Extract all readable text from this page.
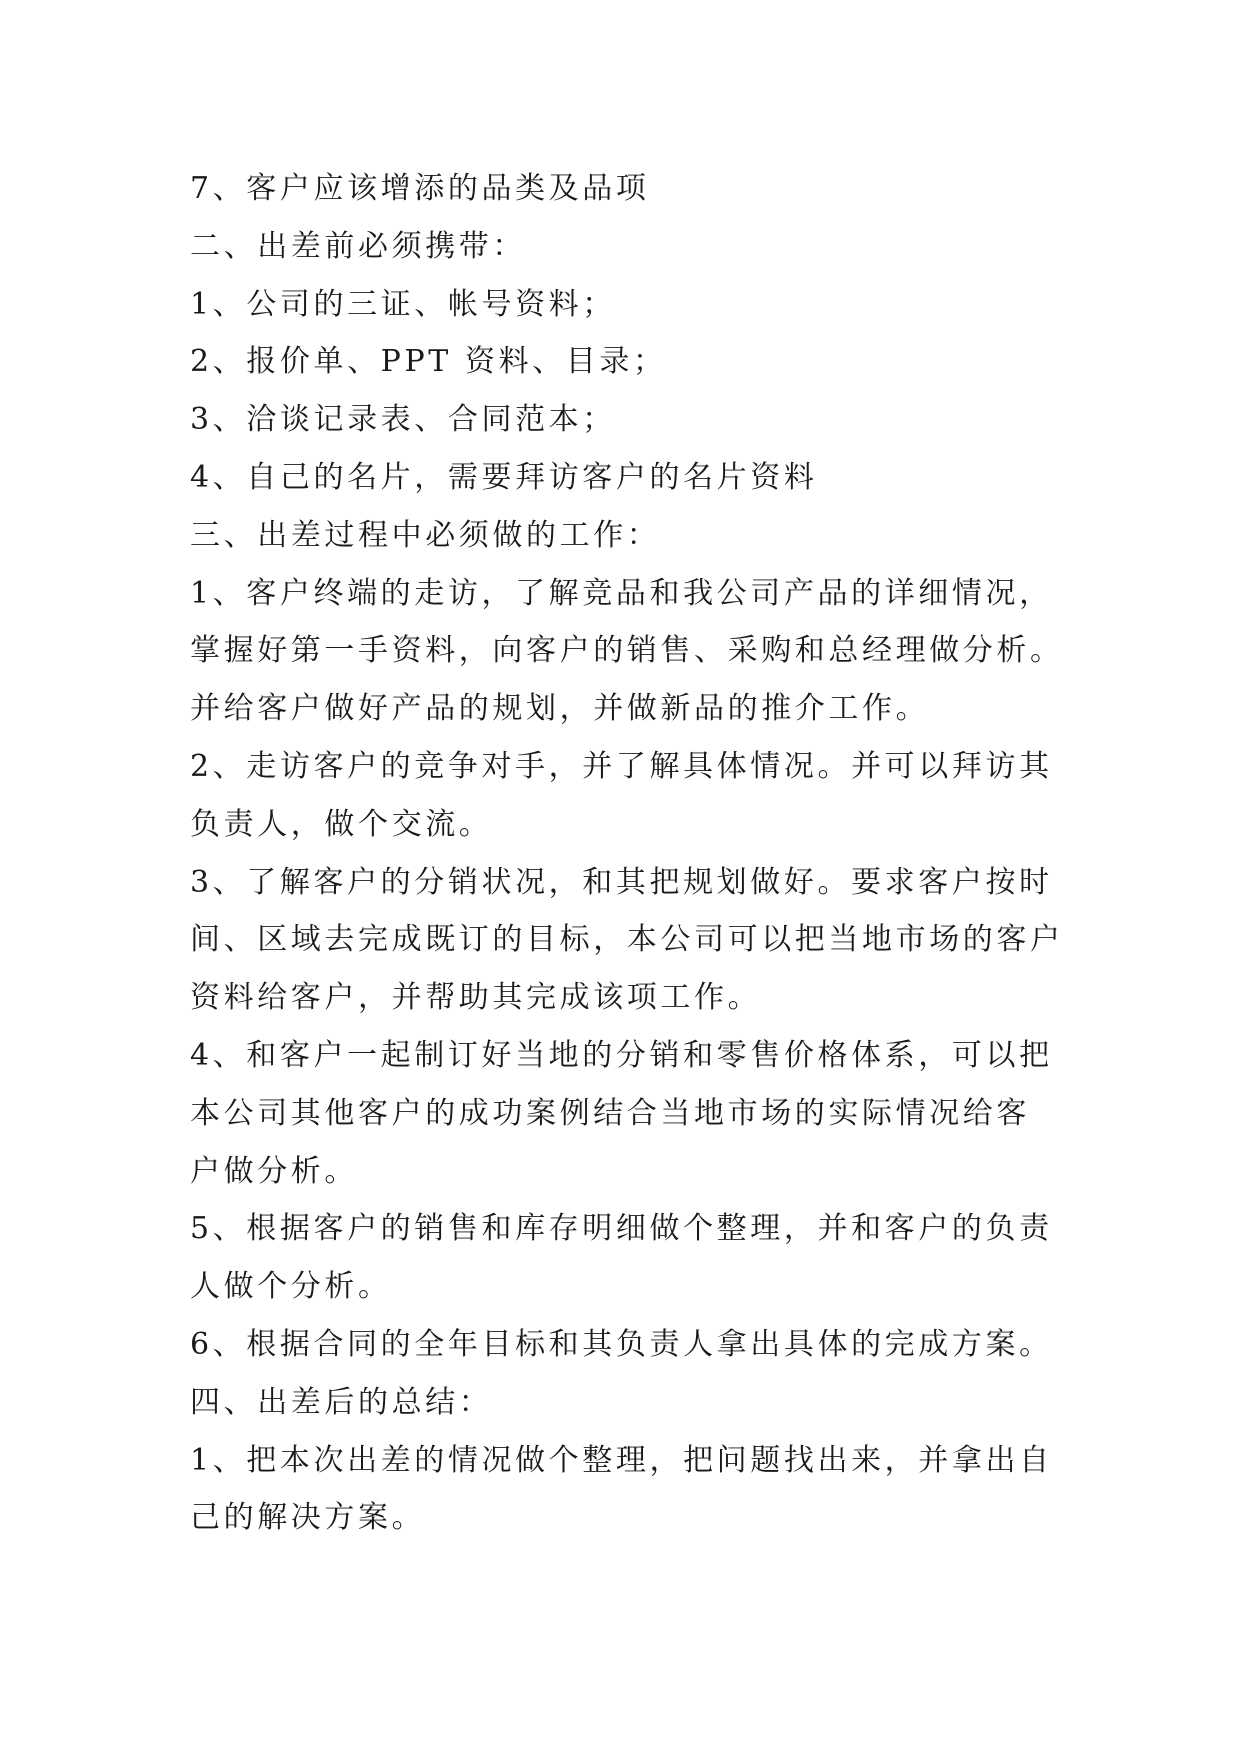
7、客户应该增添的品类及品项
二、出差前必须携带：
1、公司的三证、帐号资料；
2、报价单、PPT 资料、目录；
3、洽谈记录表、合同范本；
4、自己的名片，需要拜访客户的名片资料
三、出差过程中必须做的工作：
1、客户终端的走访，了解竞品和我公司产品的详细情况，
掌握好第一手资料，向客户的销售、采购和总经理做分析。
并给客户做好产品的规划，并做新品的推介工作。
2、走访客户的竞争对手，并了解具体情况。并可以拜访其
负责人，做个交流。
3、了解客户的分销状况，和其把规划做好。要求客户按时
间、区域去完成既订的目标，本公司可以把当地市场的客户
资料给客户，并帮助其完成该项工作。
4、和客户一起制订好当地的分销和零售价格体系，可以把
本公司其他客户的成功案例结合当地市场的实际情况给客
户做分析。
5、根据客户的销售和库存明细做个整理，并和客户的负责
人做个分析。
6、根据合同的全年目标和其负责人拿出具体的完成方案。
四、出差后的总结：
1、把本次出差的情况做个整理，把问题找出来，并拿出自
己的解决方案。
